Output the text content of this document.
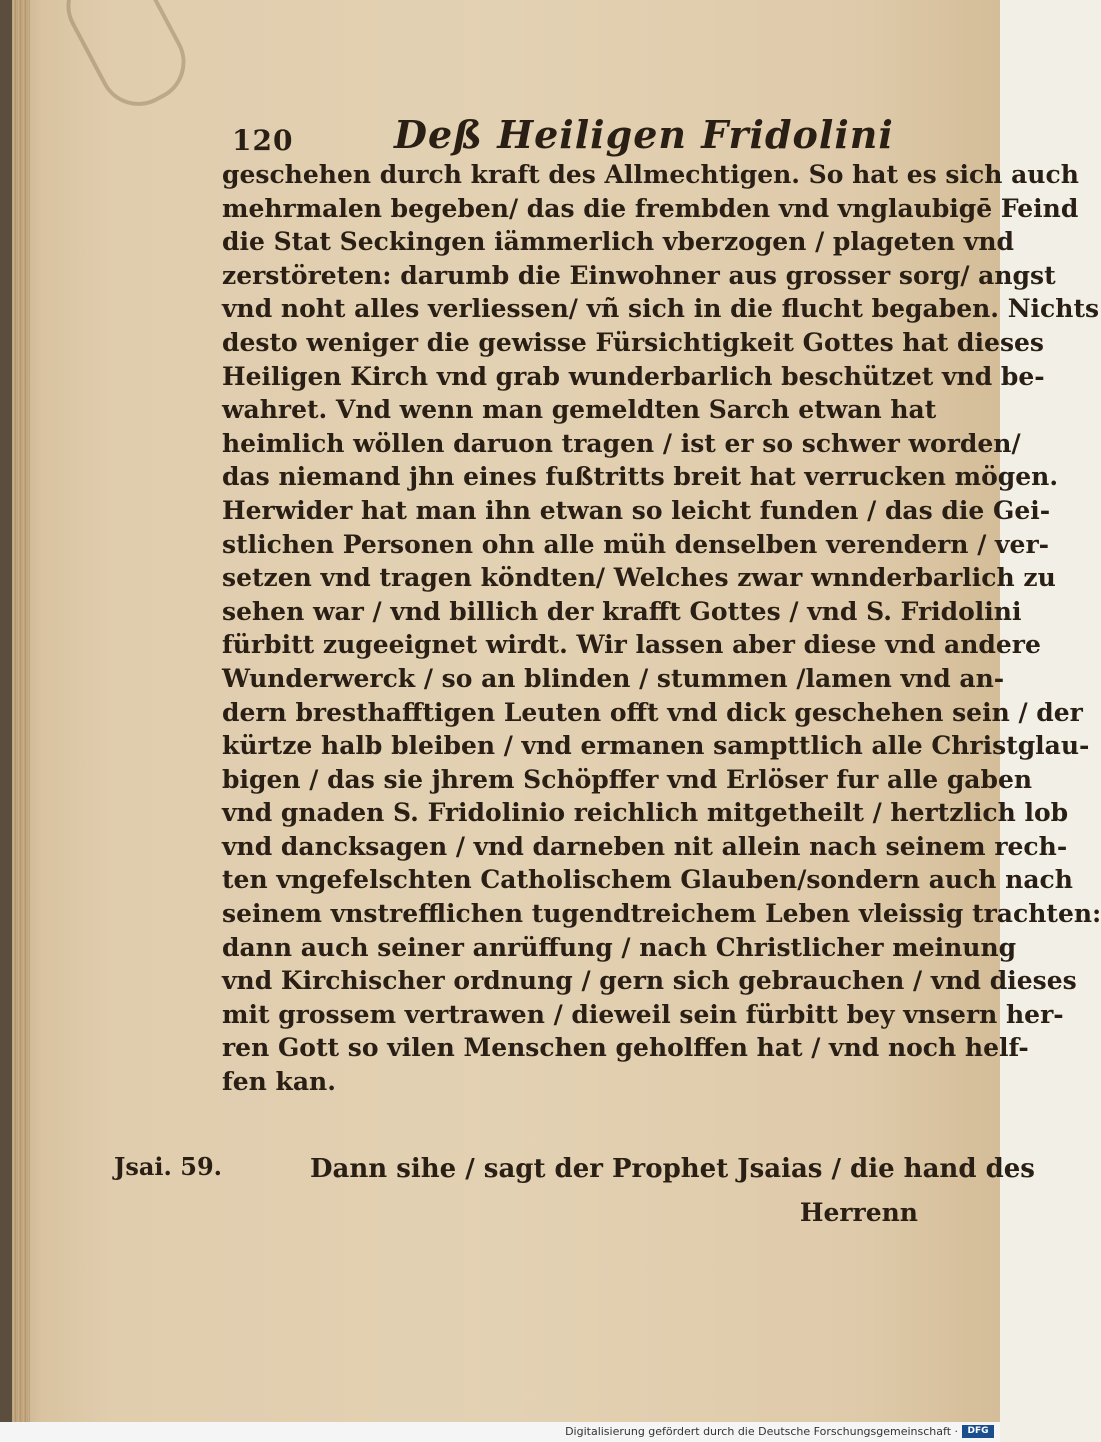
120	Deß Heiligen Fridolini
geschehen durch kraft des Allmechtigen. So hat es sich auch
mehrmalen begeben/ das die frembden vnd vnglaubigē Feind
die Stat Seckingen iämmerlich vberzogen / plageten vnd
zerstöreten: darumb die Einwohner aus grosser sorg/ angst
vnd noht alles verliessen/ vñ sich in die flucht begaben. Nichts
desto weniger die gewisse Fürsichtigkeit Gottes hat dieses
Heiligen Kirch vnd grab wunderbarlich beschützet vnd be-
wahret. Vnd wenn man gemeldten Sarch etwan hat
heimlich wöllen daruon tragen / ist er so schwer worden/
das niemand jhn eines fußtritts breit hat verrucken mögen.
Herwider hat man ihn etwan so leicht funden / das die Gei-
stlichen Personen ohn alle müh denselben verendern / ver-
setzen vnd tragen köndten/ Welches zwar wnnderbarlich zu
sehen war / vnd billich der krafft Gottes / vnd S. Fridolini
fürbitt zugeeignet wirdt. Wir lassen aber diese vnd andere
Wunderwerck / so an blinden / stummen /lamen vnd an-
dern bresthafftigen Leuten offt vnd dick geschehen sein / der
kürtze halb bleiben / vnd ermanen sampttlich alle Christglau-
bigen / das sie jhrem Schöpffer vnd Erlöser fur alle gaben
vnd gnaden S. Fridolinio reichlich mitgetheilt / hertzlich lob
vnd dancksagen / vnd darneben nit allein nach seinem rech-
ten vngefelschten Catholischem Glauben/sondern auch nach
seinem vnstrefflichen tugendtreichem Leben vleissig trachten:
dann auch seiner anrüffung / nach Christlicher meinung
vnd Kirchischer ordnung / gern sich gebrauchen / vnd dieses
mit grossem vertrawen / dieweil sein fürbitt bey vnsern her-
ren Gott so vilen Menschen geholffen hat / vnd noch helf-
fen kan.
Jsai. 59.	Dann sihe / sagt der Prophet Jsaias / die hand des
Herrenn
Digitalisierung gefördert durch die Deutsche Forschungsgemeinschaft ·	DFG
